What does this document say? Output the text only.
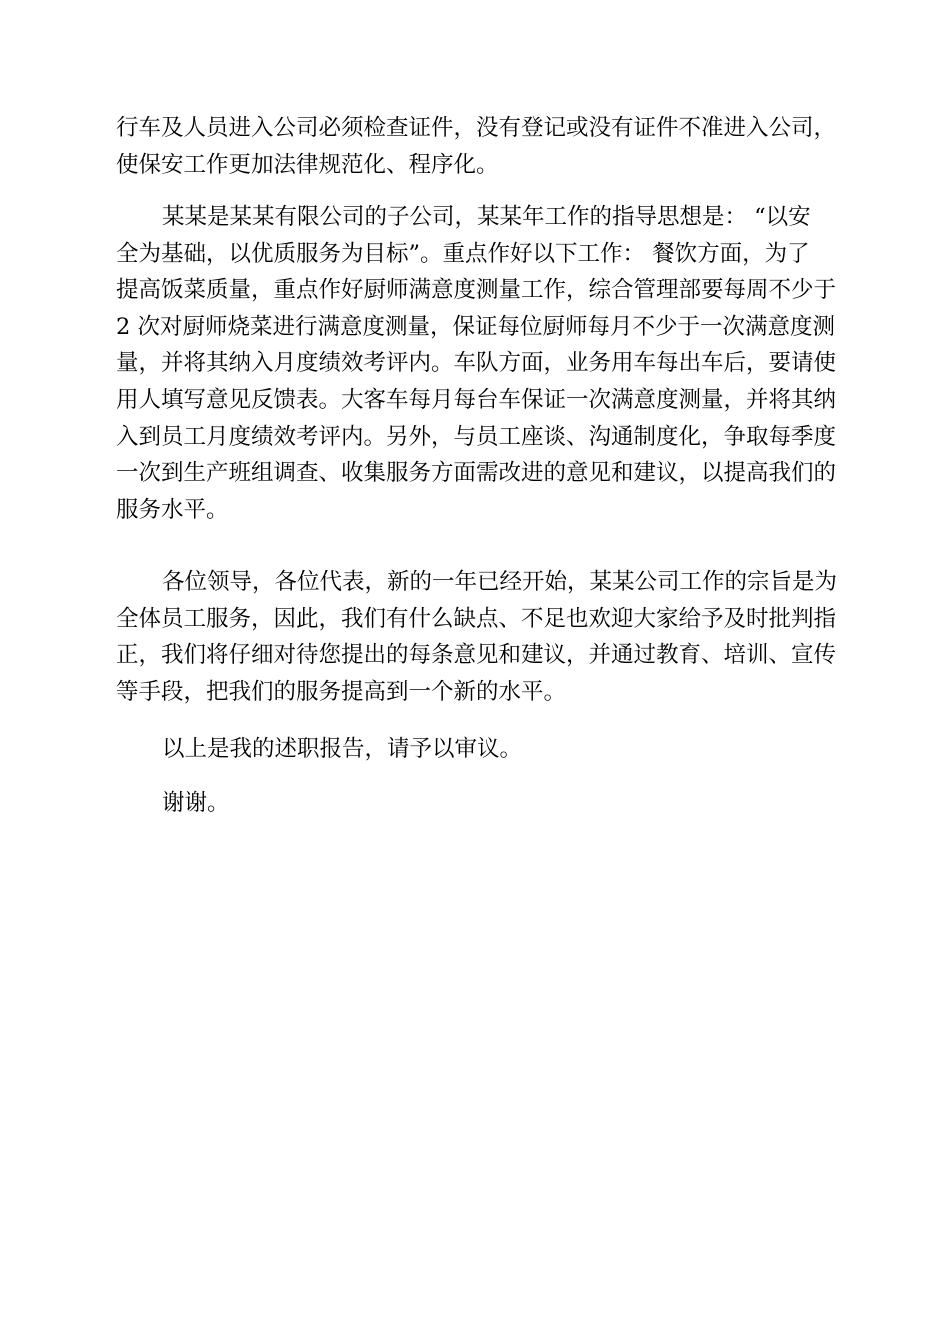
行车及人员进入公司必须检查证件，没有登记或没有证件不准进入公司，
使保安工作更加法律规范化、程序化。

某某是某某有限公司的子公司，某某年工作的指导思想是： “以安
全为基础，以优质服务为目标”。重点作好以下工作： 餐饮方面，为了
提高饭菜质量，重点作好厨师满意度测量工作，综合管理部要每周不少于
2 次对厨师烧菜进行满意度测量，保证每位厨师每月不少于一次满意度测
量，并将其纳入月度绩效考评内。车队方面，业务用车每出车后，要请使
用人填写意见反馈表。大客车每月每台车保证一次满意度测量，并将其纳
入到员工月度绩效考评内。另外，与员工座谈、沟通制度化，争取每季度
一次到生产班组调查、收集服务方面需改进的意见和建议，以提高我们的
服务水平。

各位领导，各位代表，新的一年已经开始，某某公司工作的宗旨是为
全体员工服务，因此，我们有什么缺点、不足也欢迎大家给予及时批判指
正，我们将仔细对待您提出的每条意见和建议，并通过教育、培训、宣传
等手段，把我们的服务提高到一个新的水平。

以上是我的述职报告，请予以审议。

谢谢。
